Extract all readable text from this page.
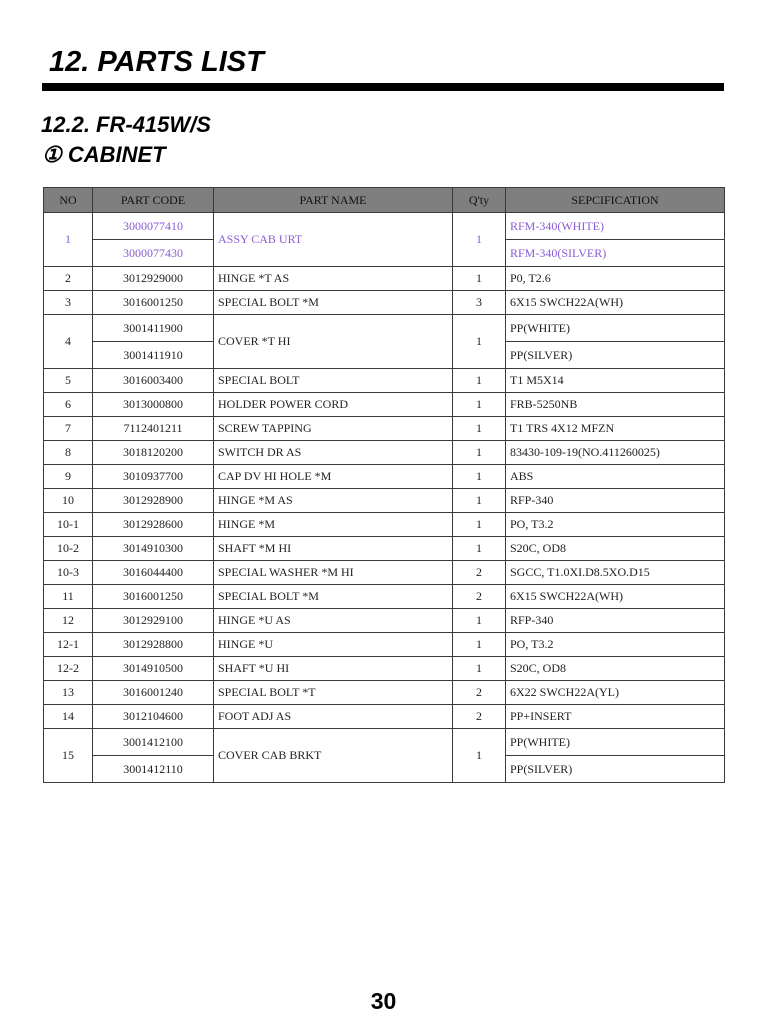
12. PARTS LIST
12.2. FR-415W/S
① CABINET
NO	PART CODE	PART NAME	Q'ty	SEPCIFICATION
1	3000077410	ASSY CAB URT	1	RFM-340(WHITE)
	3000077430			RFM-340(SILVER)
2	3012929000	HINGE *T AS	1	P0, T2.6
3	3016001250	SPECIAL BOLT *M	3	6X15 SWCH22A(WH)
4	3001411900	COVER *T HI	1	PP(WHITE)
	3001411910			PP(SILVER)
5	3016003400	SPECIAL BOLT	1	T1 M5X14
6	3013000800	HOLDER POWER CORD	1	FRB-5250NB
7	7112401211	SCREW TAPPING	1	T1 TRS 4X12 MFZN
8	3018120200	SWITCH DR AS	1	83430-109-19(NO.411260025)
9	3010937700	CAP DV HI HOLE *M	1	ABS
10	3012928900	HINGE *M AS	1	RFP-340
10-1	3012928600	HINGE *M	1	PO, T3.2
10-2	3014910300	SHAFT *M HI	1	S20C, OD8
10-3	3016044400	SPECIAL WASHER *M HI	2	SGCC, T1.0XI.D8.5XO.D15
11	3016001250	SPECIAL BOLT *M	2	6X15 SWCH22A(WH)
12	3012929100	HINGE *U AS	1	RFP-340
12-1	3012928800	HINGE *U	1	PO, T3.2
12-2	3014910500	SHAFT *U HI	1	S20C, OD8
13	3016001240	SPECIAL BOLT *T	2	6X22 SWCH22A(YL)
14	3012104600	FOOT ADJ AS	2	PP+INSERT
15	3001412100	COVER CAB BRKT	1	PP(WHITE)
	3001412110			PP(SILVER)
30
